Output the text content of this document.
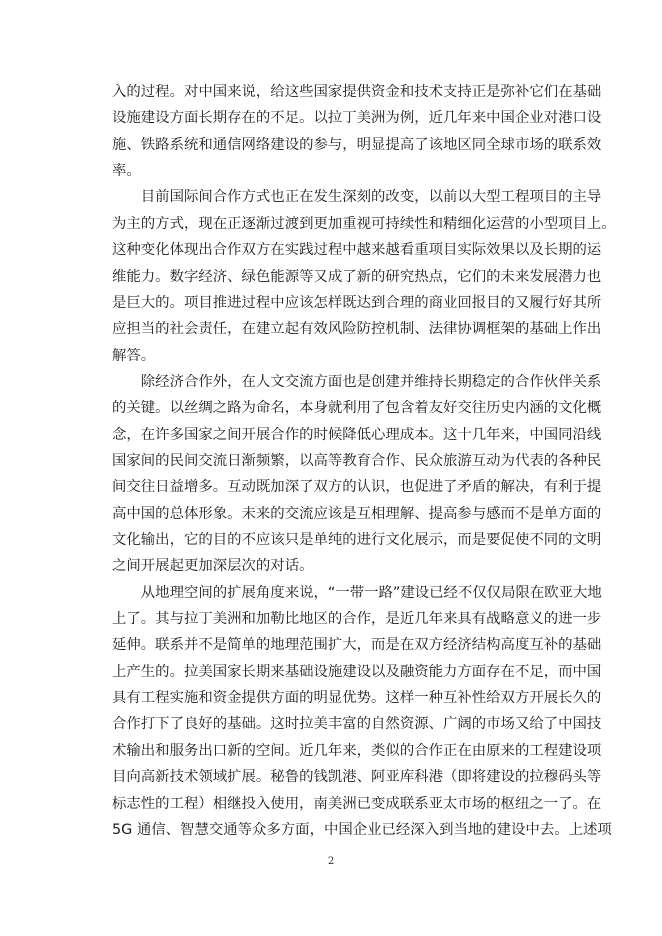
入的过程。对中国来说，给这些国家提供资金和技术支持正是弥补它们在基础
设施建设方面长期存在的不足。以拉丁美洲为例，近几年来中国企业对港口设
施、铁路系统和通信网络建设的参与，明显提高了该地区同全球市场的联系效
率。
　　目前国际间合作方式也正在发生深刻的改变，以前以大型工程项目的主导
为主的方式，现在正逐渐过渡到更加重视可持续性和精细化运营的小型项目上。
这种变化体现出合作双方在实践过程中越来越看重项目实际效果以及长期的运
维能力。数字经济、绿色能源等又成了新的研究热点，它们的未来发展潜力也
是巨大的。项目推进过程中应该怎样既达到合理的商业回报目的又履行好其所
应担当的社会责任，在建立起有效风险防控机制、法律协调框架的基础上作出
解答。
　　除经济合作外，在人文交流方面也是创建并维持长期稳定的合作伙伴关系
的关键。以丝绸之路为命名，本身就利用了包含着友好交往历史内涵的文化概
念，在许多国家之间开展合作的时候降低心理成本。这十几年来，中国同沿线
国家间的民间交流日渐频繁，以高等教育合作、民众旅游互动为代表的各种民
间交往日益增多。互动既加深了双方的认识，也促进了矛盾的解决，有利于提
高中国的总体形象。未来的交流应该是互相理解、提高参与感而不是单方面的
文化输出，它的目的不应该只是单纯的进行文化展示，而是要促使不同的文明
之间开展起更加深层次的对话。
　　从地理空间的扩展角度来说，“一带一路”建设已经不仅仅局限在欧亚大地
上了。其与拉丁美洲和加勒比地区的合作，是近几年来具有战略意义的进一步
延伸。联系并不是简单的地理范围扩大，而是在双方经济结构高度互补的基础
上产生的。拉美国家长期来基础设施建设以及融资能力方面存在不足，而中国
具有工程实施和资金提供方面的明显优势。这样一种互补性给双方开展长久的
合作打下了良好的基础。这时拉美丰富的自然资源、广阔的市场又给了中国技
术输出和服务出口新的空间。近几年来，类似的合作正在由原来的工程建设项
目向高新技术领域扩展。秘鲁的钱凯港、阿亚库科港（即将建设的拉穆码头等
标志性的工程）相继投入使用，南美洲已变成联系亚太市场的枢纽之一了。在
5G 通信、智慧交通等众多方面，中国企业已经深入到当地的建设中去。上述项
2
